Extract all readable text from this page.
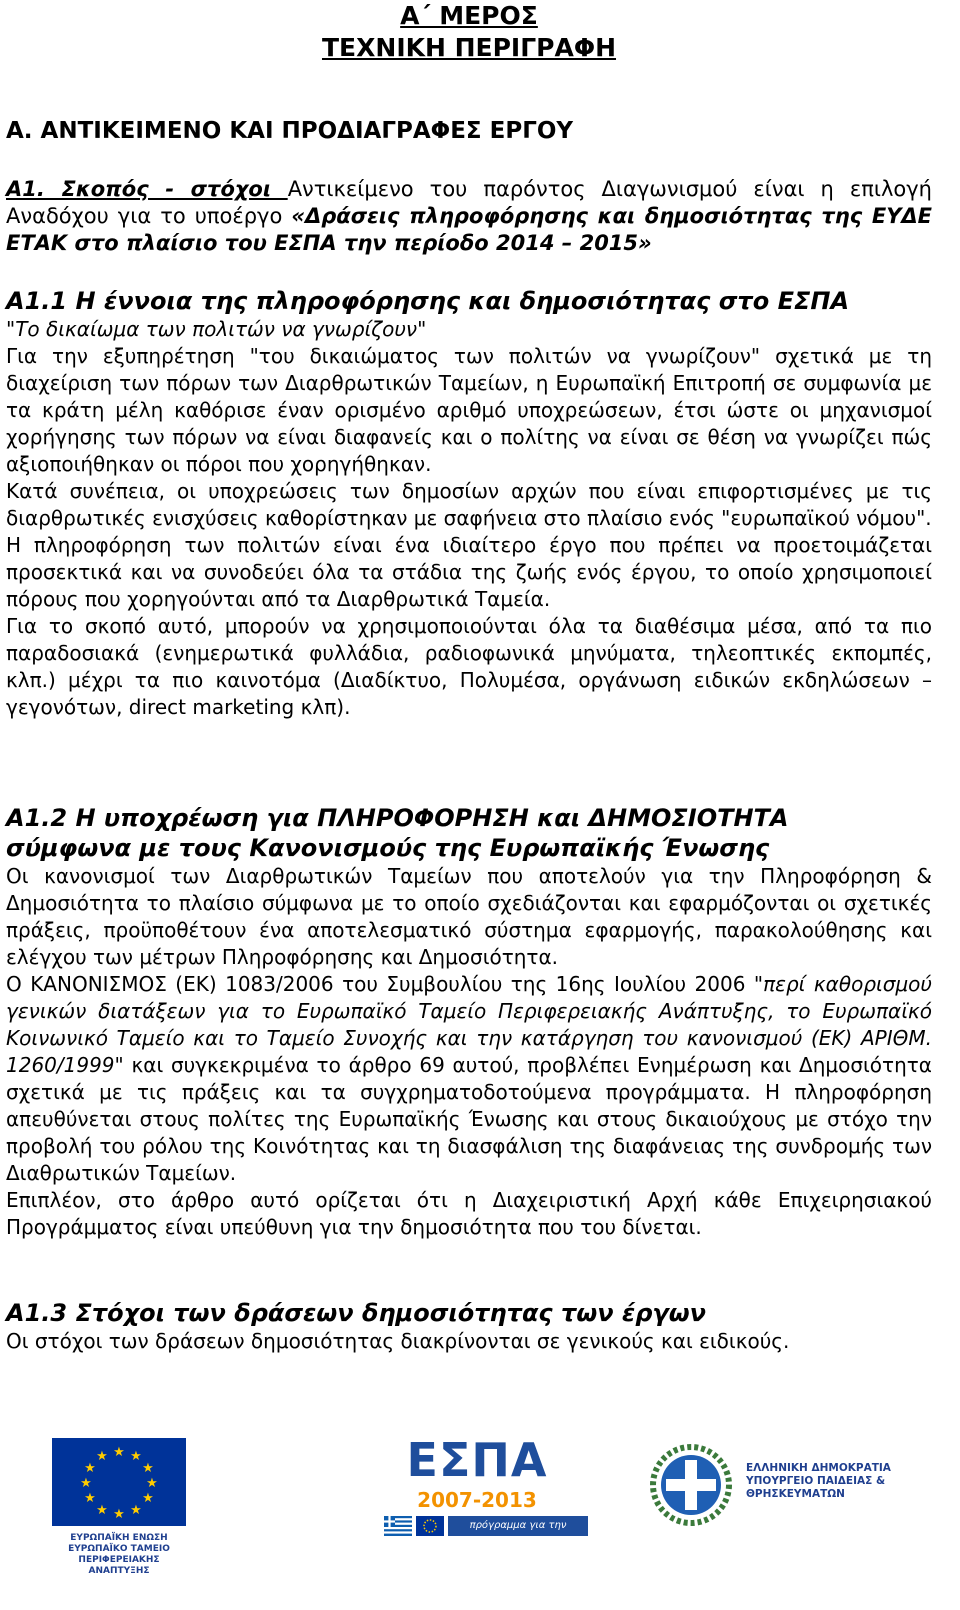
Α΄ ΜΕΡΟΣ

ΤΕΧΝΙΚΗ ΠΕΡΙΓΡΑΦΗ

Α. ΑΝΤΙΚΕΙΜΕΝΟ ΚΑΙ ΠΡΟΔΙΑΓΡΑΦΕΣ ΕΡΓΟΥ

Α1. Σκοπός - στόχοι Αντικείμενο του παρόντος Διαγωνισμού είναι η επιλογή Αναδόχου για το υποέργο «Δράσεις πληροφόρησης και δημοσιότητας της ΕΥΔΕ ΕΤΑΚ στο πλαίσιο του ΕΣΠΑ την περίοδο 2014 – 2015»

Α1.1 Η έννοια της πληροφόρησης και δημοσιότητας στο ΕΣΠΑ

"Το δικαίωμα των πολιτών να γνωρίζουν"

Για την εξυπηρέτηση "του δικαιώματος των πολιτών να γνωρίζουν" σχετικά με τη διαχείριση των πόρων των Διαρθρωτικών Ταμείων, η Ευρωπαϊκή Επιτροπή σε συμφωνία με τα κράτη μέλη καθόρισε έναν ορισμένο αριθμό υποχρεώσεων, έτσι ώστε οι μηχανισμοί χορήγησης των πόρων να είναι διαφανείς και ο πολίτης να είναι σε θέση να γνωρίζει πώς αξιοποιήθηκαν οι πόροι που χορηγήθηκαν.

Κατά συνέπεια, οι υποχρεώσεις των δημοσίων αρχών που είναι επιφορτισμένες με τις διαρθρωτικές ενισχύσεις καθορίστηκαν με σαφήνεια στο πλαίσιο ενός "ευρωπαϊκού νόμου".

Η πληροφόρηση των πολιτών είναι ένα ιδιαίτερο έργο που πρέπει να προετοιμάζεται προσεκτικά και να συνοδεύει όλα τα στάδια της ζωής ενός έργου, το οποίο χρησιμοποιεί πόρους που χορηγούνται από τα Διαρθρωτικά Ταμεία.

Για το σκοπό αυτό, μπορούν να χρησιμοποιούνται όλα τα διαθέσιμα μέσα, από τα πιο παραδοσιακά (ενημερωτικά φυλλάδια, ραδιοφωνικά μηνύματα, τηλεοπτικές εκπομπές, κλπ.) μέχρι τα πιο καινοτόμα (Διαδίκτυο, Πολυμέσα, οργάνωση ειδικών εκδηλώσεων – γεγονότων, direct marketing κλπ).

Α1.2 Η υποχρέωση για ΠΛΗΡΟΦΟΡΗΣΗ και ΔΗΜΟΣΙΟΤΗΤΑ

σύμφωνα με τους Κανονισμούς της Ευρωπαϊκής Ένωσης

Οι κανονισμοί των Διαρθρωτικών Ταμείων που αποτελούν για την Πληροφόρηση & Δημοσιότητα το πλαίσιο σύμφωνα με το οποίο σχεδιάζονται και εφαρμόζονται οι σχετικές πράξεις, προϋποθέτουν ένα αποτελεσματικό σύστημα εφαρμογής, παρακολούθησης και ελέγχου των μέτρων Πληροφόρησης και Δημοσιότητα.

Ο ΚΑΝΟΝΙΣΜΟΣ (ΕΚ) 1083/2006 του Συμβουλίου της 16ης Ιουλίου 2006 "περί καθορισμού γενικών διατάξεων για το Ευρωπαϊκό Ταμείο Περιφερειακής Ανάπτυξης, το Ευρωπαϊκό Κοινωνικό Ταμείο και το Ταμείο Συνοχής και την κατάργηση του κανονισμού (ΕΚ) ΑΡΙΘΜ. 1260/1999" και συγκεκριμένα το άρθρο 69 αυτού, προβλέπει Ενημέρωση και Δημοσιότητα σχετικά με τις πράξεις και τα συγχρηματοδοτούμενα προγράμματα. Η πληροφόρηση απευθύνεται στους πολίτες της Ευρωπαϊκής Ένωσης και στους δικαιούχους με στόχο την προβολή του ρόλου της Κοινότητας και τη διασφάλιση της διαφάνειας της συνδρομής των Διαθρωτικών Ταμείων.

Επιπλέον, στο άρθρο αυτό ορίζεται ότι η Διαχειριστική Αρχή κάθε Επιχειρησιακού Προγράμματος είναι υπεύθυνη για την δημοσιότητα που του δίνεται.

Α1.3 Στόχοι των δράσεων δημοσιότητας των έργων

Οι στόχοι των δράσεων δημοσιότητας διακρίνονται σε γενικούς και ειδικούς.

★ ★
★
★
★
★
★
★
★
★
★
★
ΕΥΡΩΠΑΪΚΗ ΕΝΩΣΗ
ΕΥΡΩΠΑΪΚΟ ΤΑΜΕΙΟ
ΠΕΡΙΦΕΡΕΙΑΚΗΣ ΑΝΑΠΤΥΞΗΣ
ΕΣΠΑ
2007-2013
πρόγραμμα για την ανάπτυξη
ΕΛΛΗΝΙΚΗ ΔΗΜΟΚΡΑΤΙΑ
ΥΠΟΥΡΓΕΙΟ ΠΑΙΔΕΙΑΣ &
ΘΡΗΣΚΕΥΜΑΤΩΝ
